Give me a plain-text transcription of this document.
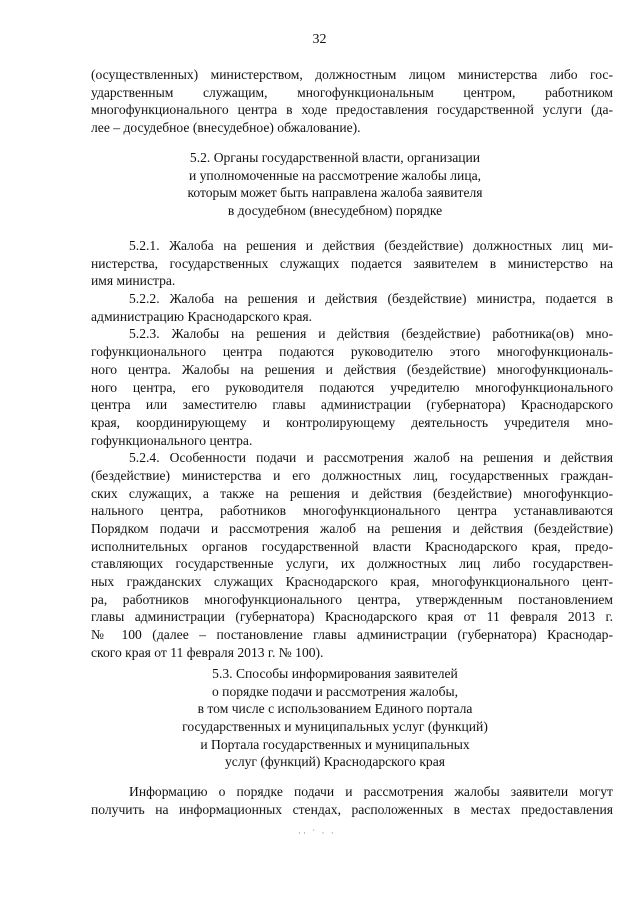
32
(осуществленных) министерством, должностным лицом министерства либо гос-
ударственным служащим, многофункциональным центром, работником
многофункционального центра в ходе предоставления государственной услуги (да-
лее – досудебное (внесудебное) обжалование).
5.2. Органы государственной власти, организации
и уполномоченные на рассмотрение жалобы лица,
которым может быть направлена жалоба заявителя
в досудебном (внесудебном) порядке
5.2.1. Жалоба на решения и действия (бездействие) должностных лиц ми-
нистерства, государственных служащих подается заявителем в министерство на
имя министра.
5.2.2. Жалоба на решения и действия (бездействие) министра, подается в
администрацию Краснодарского края.
5.2.3. Жалобы на решения и действия (бездействие) работника(ов) мно-
гофункционального центра подаются руководителю этого многофункциональ-
ного центра. Жалобы на решения и действия (бездействие) многофункциональ-
ного центра, его руководителя подаются учредителю многофункционального
центра или заместителю главы администрации (губернатора) Краснодарского
края, координирующему и контролирующему деятельность учредителя мно-
гофункционального центра.
5.2.4. Особенности подачи и рассмотрения жалоб на решения и действия
(бездействие) министерства и его должностных лиц, государственных граждан-
ских служащих, а также на решения и действия (бездействие) многофункцио-
нального центра, работников многофункционального центра устанавливаются
Порядком подачи и рассмотрения жалоб на решения и действия (бездействие)
исполнительных органов государственной власти Краснодарского края, предо-
ставляющих государственные услуги, их должностных лиц либо государствен-
ных гражданских служащих Краснодарского края, многофункционального цент-
ра, работников многофункционального центра, утвержденным постановлением
главы администрации (губернатора) Краснодарского края от 11 февраля 2013 г.
№ 100 (далее – постановление главы администрации (губернатора) Краснодар-
ского края от 11 февраля 2013 г. № 100).
5.3. Способы информирования заявителей
о порядке подачи и рассмотрения жалобы,
в том числе с использованием Единого портала
государственных и муниципальных услуг (функций)
и Портала государственных и муниципальных
услуг (функций) Краснодарского края
Информацию о порядке подачи и рассмотрения жалобы заявители могут
получить на информационных стендах, расположенных в местах предоставления
·· ˙ · ·
